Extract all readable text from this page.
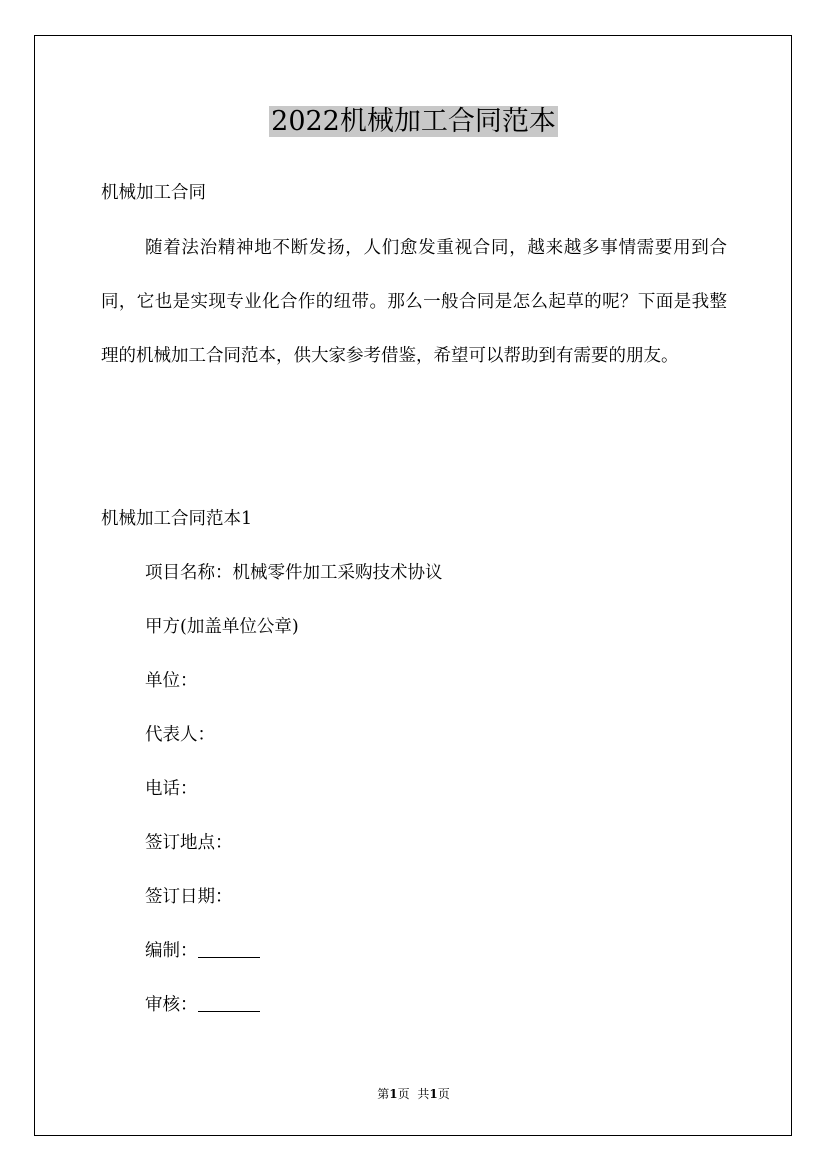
2022机械加工合同范本
机械加工合同
随着法治精神地不断发扬，人们愈发重视合同，越来越多事情需要用到合同，它也是实现专业化合作的纽带。那么一般合同是怎么起草的呢？下面是我整理的机械加工合同范本，供大家参考借鉴，希望可以帮助到有需要的朋友。
机械加工合同范本1
项目名称：机械零件加工采购技术协议
甲方(加盖单位公章)
单位：
代表人：
电话：
签订地点：
签订日期：
编制：
审核：
第1页 共1页
